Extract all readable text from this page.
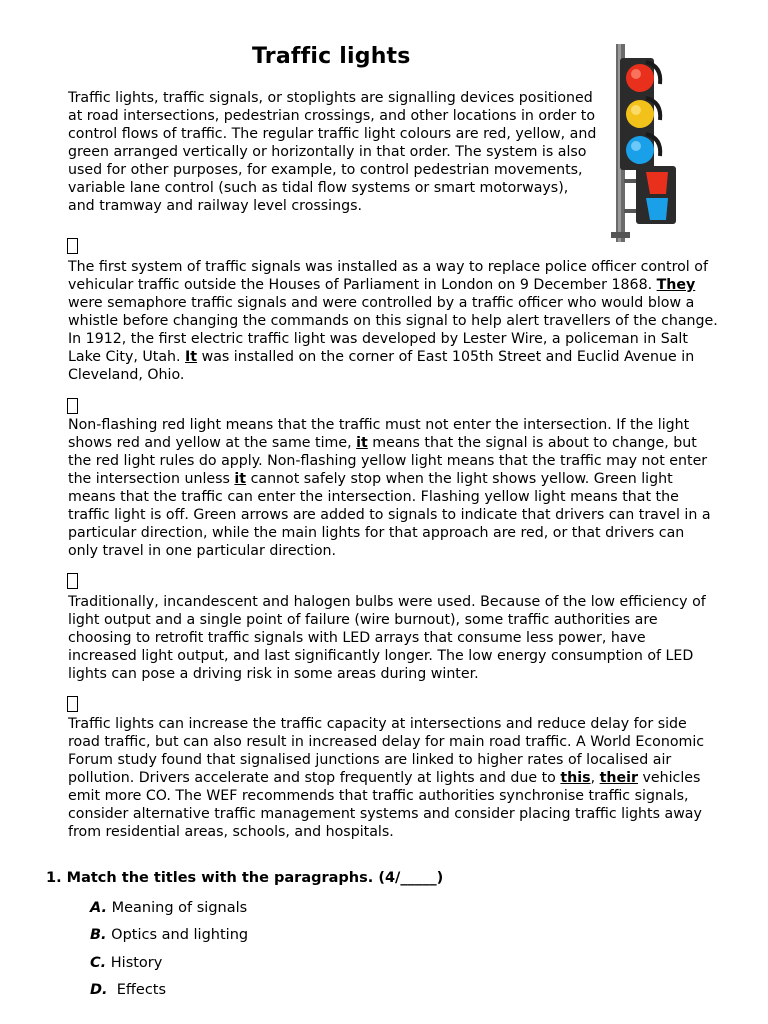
Traffic lights

Traffic lights, traffic signals, or stoplights are signalling devices positioned at road intersections, pedestrian crossings, and other locations in order to control flows of traffic. The regular traffic light colours are red, yellow, and green arranged vertically or horizontally in that order. The system is also used for other purposes, for example, to control pedestrian movements, variable lane control (such as tidal flow systems or smart motorways), and tramway and railway level crossings.

The first system of traffic signals was installed as a way to replace police officer control of vehicular traffic outside the Houses of Parliament in London on 9 December 1868. They were semaphore traffic signals and were controlled by a traffic officer who would blow a whistle before changing the commands on this signal to help alert travellers of the change. In 1912, the first electric traffic light was developed by Lester Wire, a policeman in Salt Lake City, Utah. It was installed on the corner of East 105th Street and Euclid Avenue in Cleveland, Ohio.

Non-flashing red light means that the traffic must not enter the intersection. If the light shows red and yellow at the same time, it means that the signal is about to change, but the red light rules do apply. Non-flashing yellow light means that the traffic may not enter the intersection unless it cannot safely stop when the light shows yellow. Green light means that the traffic can enter the intersection. Flashing yellow light means that the traffic light is off. Green arrows are added to signals to indicate that drivers can travel in a particular direction, while the main lights for that approach are red, or that drivers can only travel in one particular direction.

Traditionally, incandescent and halogen bulbs were used. Because of the low efficiency of light output and a single point of failure (wire burnout), some traffic authorities are choosing to retrofit traffic signals with LED arrays that consume less power, have increased light output, and last significantly longer. The low energy consumption of LED lights can pose a driving risk in some areas during winter.

Traffic lights can increase the traffic capacity at intersections and reduce delay for side road traffic, but can also result in increased delay for main road traffic. A World Economic Forum study found that signalised junctions are linked to higher rates of localised air pollution. Drivers accelerate and stop frequently at lights and due to this, their vehicles emit more CO. The WEF recommends that traffic authorities synchronise traffic signals, consider alternative traffic management systems and consider placing traffic lights away from residential areas, schools, and hospitals.

1. Match the titles with the paragraphs. (4/_____)

A. Meaning of signals

B. Optics and lighting

C. History

D.  Effects
